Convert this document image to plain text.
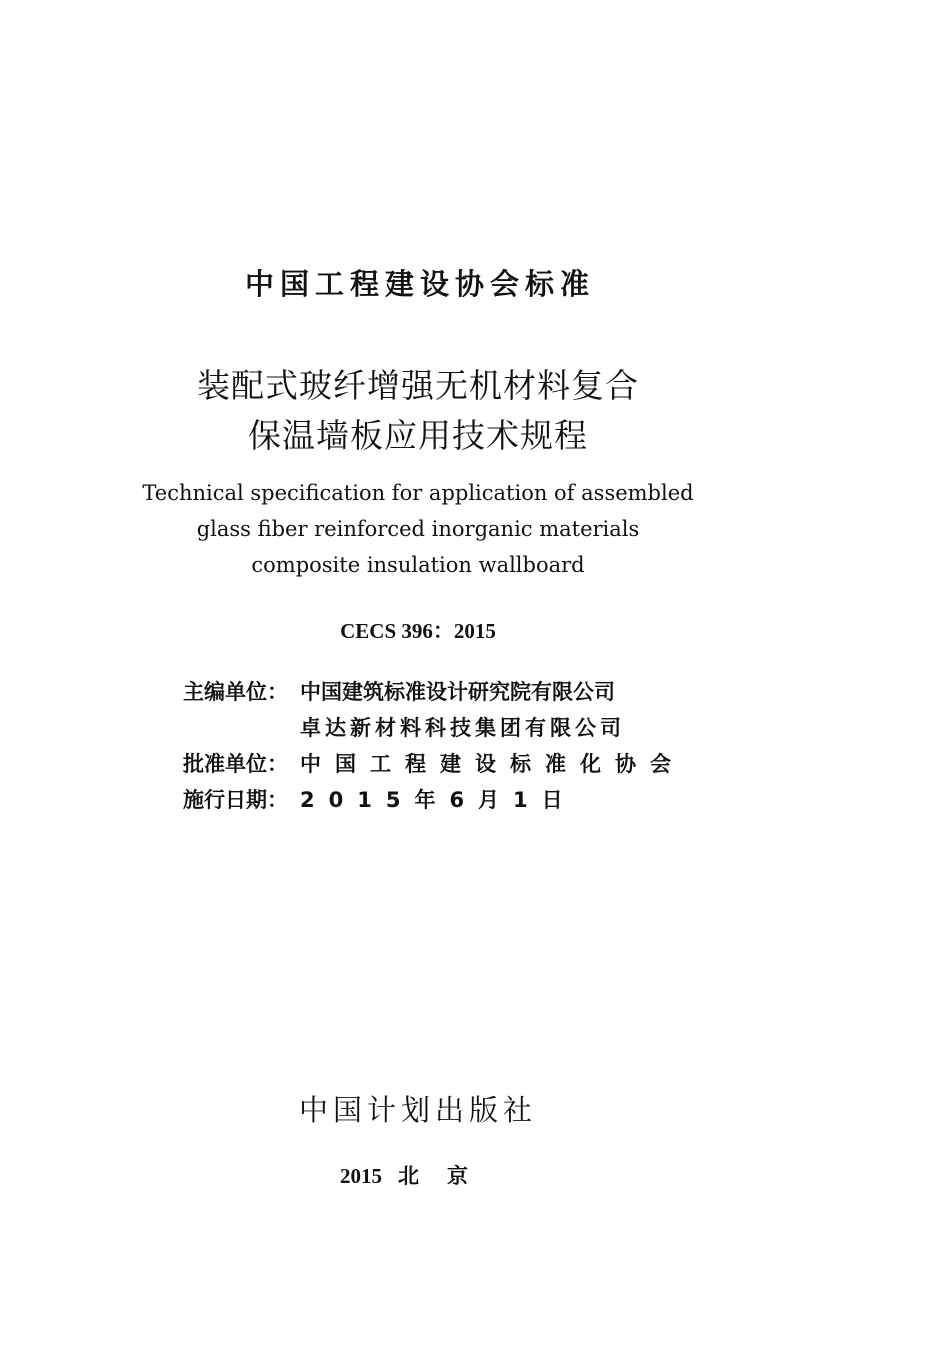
中国工程建设协会标准
装配式玻纤增强无机材料复合
保温墙板应用技术规程
Technical specification for application of assembled
glass fiber reinforced inorganic materials
composite insulation wallboard
CECS 396：2015
主编单位： 中国建筑标准设计研究院有限公司
卓达新材料科技集团有限公司
批准单位： 中国工程建设标准化协会
施行日期： 2015年6月1日
中国计划出版社
2015 北京
